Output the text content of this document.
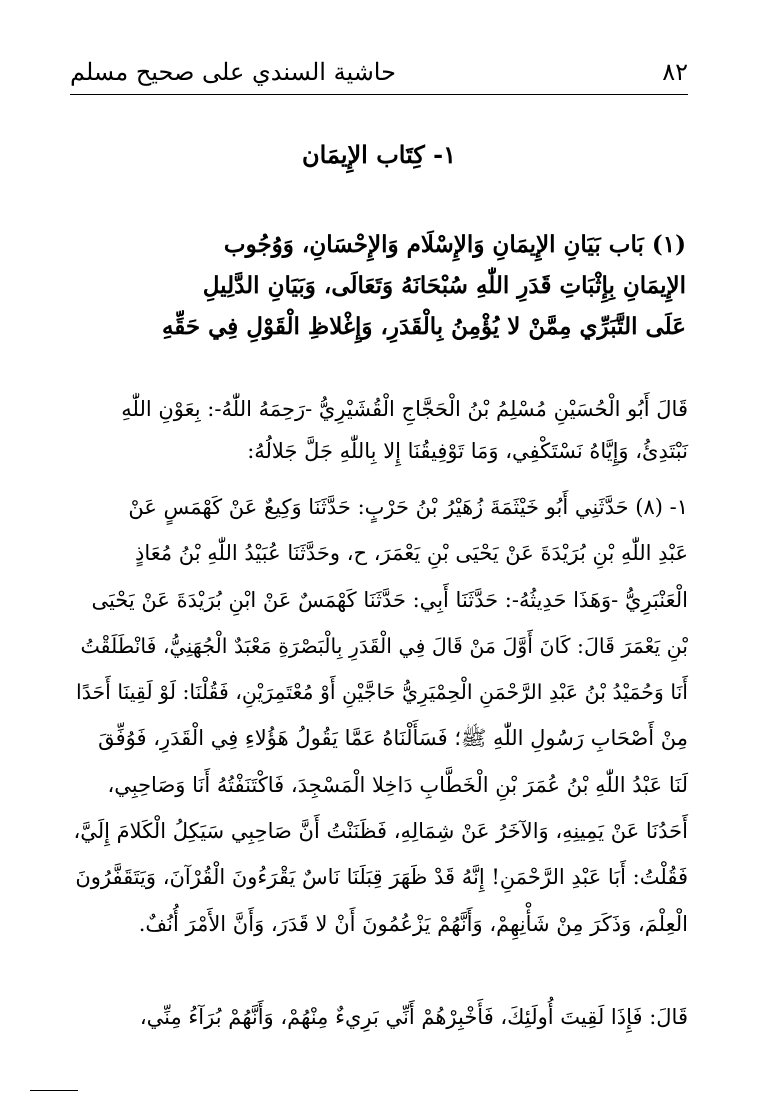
٨٢
حاشية السندي على صحيح مسلم
١- كِتَاب الإِيمَان
(١) بَاب بَيَانِ الإِيمَانِ وَالإِسْلَام وَالإِحْسَانِ، وَوُجُوب
الإِيمَانِ بِإِثْبَاتِ قَدَرِ اللّٰهِ سُبْحَانَهُ وَتَعَالَى، وَبَيَانِ الدَّلِيلِ
عَلَى التَّبَرِّي مِمَّنْ لا يُؤْمِنُ بِالْقَدَرِ، وَإِغْلاظِ الْقَوْلِ فِي حَقِّهِ
قَالَ أَبُو الْحُسَيْنِ مُسْلِمُ بْنُ الْحَجَّاجِ الْقُشَيْرِيُّ -رَحِمَهُ اللّٰهُ-: بِعَوْنِ اللّٰهِ
نَبْتَدِئُ، وَإِيَّاهُ نَسْتَكْفِي، وَمَا تَوْفِيقُنَا إِلا بِاللّٰهِ جَلَّ جَلالُهُ:
١- (٨) حَدَّثَنِي أَبُو خَيْثَمَةَ زُهَيْرُ بْنُ حَرْبٍ: حَدَّثَنَا وَكِيعٌ عَنْ كَهْمَسٍ عَنْ
عَبْدِ اللّٰهِ بْنِ بُرَيْدَةَ عَنْ يَحْيَى بْنِ يَعْمَرَ، ح، وحَدَّثَنَا عُبَيْدُ اللّٰهِ بْنُ مُعَاذٍ
الْعَنْبَرِيُّ -وَهَذَا حَدِيثُهُ-: حَدَّثَنَا أَبِي: حَدَّثَنَا كَهْمَسٌ عَنْ ابْنِ بُرَيْدَةَ عَنْ يَحْيَى
بْنِ يَعْمَرَ قَالَ: كَانَ أَوَّلَ مَنْ قَالَ فِي الْقَدَرِ بِالْبَصْرَةِ مَعْبَدٌ الْجُهَنِيُّ، فَانْطَلَقْتُ
أَنَا وَحُمَيْدُ بْنُ عَبْدِ الرَّحْمَنِ الْحِمْيَرِيُّ حَاجَّيْنِ أَوْ مُعْتَمِرَيْنِ، فَقُلْنَا: لَوْ لَقِينَا أَحَدًا
مِنْ أَصْحَابِ رَسُولِ اللّٰهِ ﷺ؛ فَسَأَلْنَاهُ عَمَّا يَقُولُ هَؤُلاءِ فِي الْقَدَرِ، فَوُفِّقَ
لَنَا عَبْدُ اللّٰهِ بْنُ عُمَرَ بْنِ الْخَطَّابِ دَاخِلا الْمَسْجِدَ، فَاكْتَنَفْتُهُ أَنَا وَصَاحِبِي،
أَحَدُنَا عَنْ يَمِينِهِ، وَالآخَرُ عَنْ شِمَالِهِ، فَظَنَنْتُ أَنَّ صَاحِبِي سَيَكِلُ الْكَلامَ إِلَيَّ،
فَقُلْتُ: أَبَا عَبْدِ الرَّحْمَنِ! إِنَّهُ قَدْ ظَهَرَ قِبَلَنَا نَاسٌ يَقْرَءُونَ الْقُرْآنَ، وَيَتَقَفَّرُونَ
الْعِلْمَ، وَذَكَرَ مِنْ شَأْنِهِمْ، وَأَنَّهُمْ يَزْعُمُونَ أَنْ لا قَدَرَ، وَأَنَّ الأَمْرَ أُنُفٌ.
قَالَ: فَإِذَا لَقِيتَ أُولَئِكَ، فَأَخْبِرْهُمْ أَنِّي بَرِيءٌ مِنْهُمْ، وَأَنَّهُمْ بُرَآءُ مِنِّي،
